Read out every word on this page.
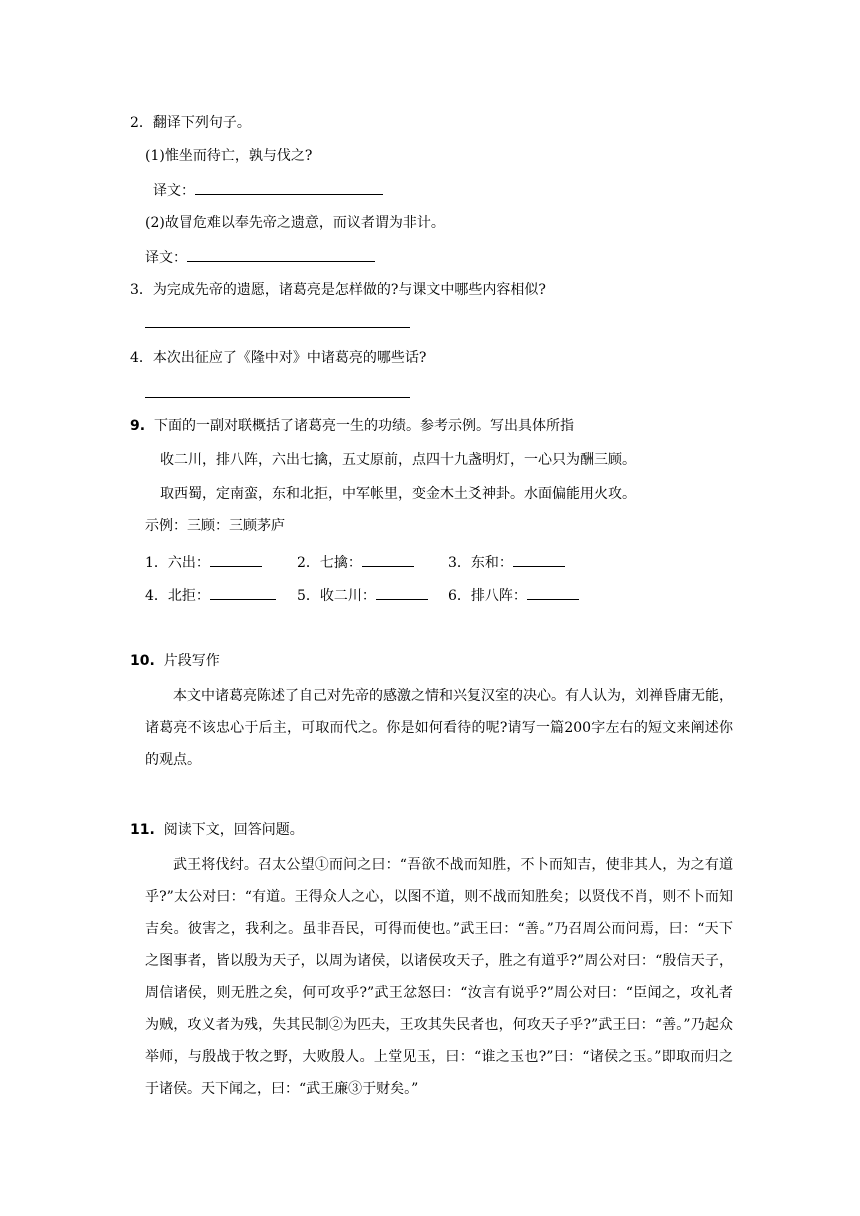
2．翻译下列句子。
(1)惟坐而待亡，孰与伐之?
译文：
(2)故冒危难以奉先帝之遗意，而议者谓为非计。
译文：
3．为完成先帝的遗愿，诸葛亮是怎样做的?与课文中哪些内容相似?
4．本次出征应了《隆中对》中诸葛亮的哪些话?
9. 下面的一副对联概括了诸葛亮一生的功绩。参考示例。写出具体所指
收二川，排八阵，六出七擒，五丈原前，点四十九盏明灯，一心只为酬三顾。
取西蜀，定南蛮，东和北拒，中军帐里，变金木土爻神卦。水面偏能用火攻。
示例：三顾：三顾茅庐
1．六出：	2．七擒：	3．东和：
4．北拒：	5．收二川：	6．排八阵：
10. 片段写作
本文中诸葛亮陈述了自己对先帝的感激之情和兴复汉室的决心。有人认为，刘禅昏庸无能，诸葛亮不该忠心于后主，可取而代之。你是如何看待的呢?请写一篇200字左右的短文来阐述你的观点。
11. 阅读下文，回答问题。
武王将伐纣。召太公望①而问之曰：“吾欲不战而知胜，不卜而知吉，使非其人，为之有道乎?”太公对曰：“有道。王得众人之心，以图不道，则不战而知胜矣；以贤伐不肖，则不卜而知吉矣。彼害之，我利之。虽非吾民，可得而使也。”武王曰：“善。”乃召周公而问焉，曰：“天下之图事者，皆以殷为天子，以周为诸侯，以诸侯攻天子，胜之有道乎?”周公对曰：“殷信天子，周信诸侯，则无胜之矣，何可攻乎?”武王忿怒曰：“汝言有说乎?”周公对曰：“臣闻之，攻礼者为贼，攻义者为残，失其民制②为匹夫，王攻其失民者也，何攻天子乎?”武王曰：“善。”乃起众举师，与殷战于牧之野，大败殷人。上堂见玉，曰：“谁之玉也?”曰：“诸侯之玉。”即取而归之于诸侯。天下闻之，曰：“武王廉③于财矣。”
